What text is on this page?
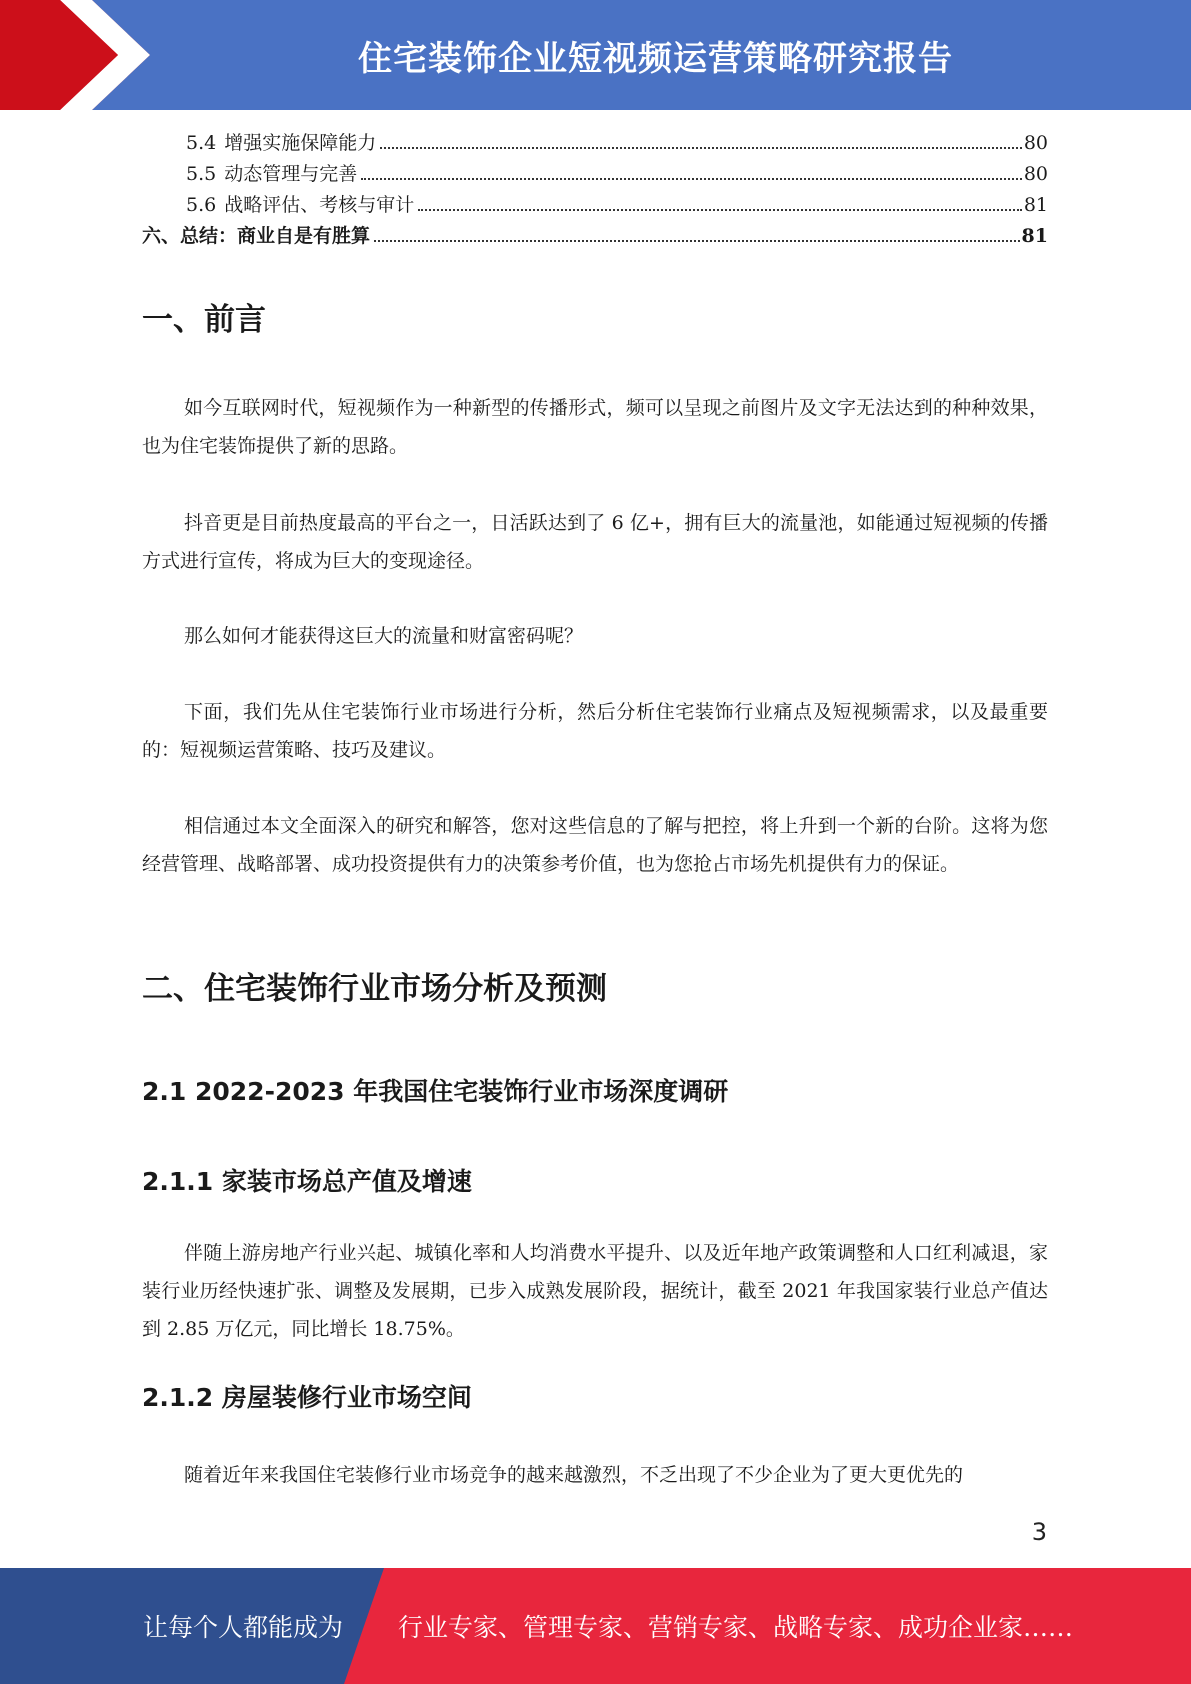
住宅装饰企业短视频运营策略研究报告
5.4 增强实施保障能力	80
5.5 动态管理与完善	80
5.6 战略评估、考核与审计	81
六、总结：商业自是有胜算	81
一、前言
如今互联网时代，短视频作为一种新型的传播形式，频可以呈现之前图片及文字无法达到的种种效果，也为住宅装饰提供了新的思路。
抖音更是目前热度最高的平台之一，日活跃达到了 6 亿+，拥有巨大的流量池，如能通过短视频的传播方式进行宣传，将成为巨大的变现途径。
那么如何才能获得这巨大的流量和财富密码呢？
下面，我们先从住宅装饰行业市场进行分析，然后分析住宅装饰行业痛点及短视频需求，以及最重要的：短视频运营策略、技巧及建议。
相信通过本文全面深入的研究和解答，您对这些信息的了解与把控，将上升到一个新的台阶。这将为您经营管理、战略部署、成功投资提供有力的决策参考价值，也为您抢占市场先机提供有力的保证。
二、住宅装饰行业市场分析及预测
2.1 2022-2023 年我国住宅装饰行业市场深度调研
2.1.1 家装市场总产值及增速
伴随上游房地产行业兴起、城镇化率和人均消费水平提升、以及近年地产政策调整和人口红利减退，家装行业历经快速扩张、调整及发展期，已步入成熟发展阶段，据统计，截至 2021 年我国家装行业总产值达到 2.85 万亿元，同比增长 18.75%。
2.1.2 房屋装修行业市场空间
随着近年来我国住宅装修行业市场竞争的越来越激烈，不乏出现了不少企业为了更大更优先的
3
让每个人都能成为 行业专家、管理专家、营销专家、战略专家、成功企业家……
